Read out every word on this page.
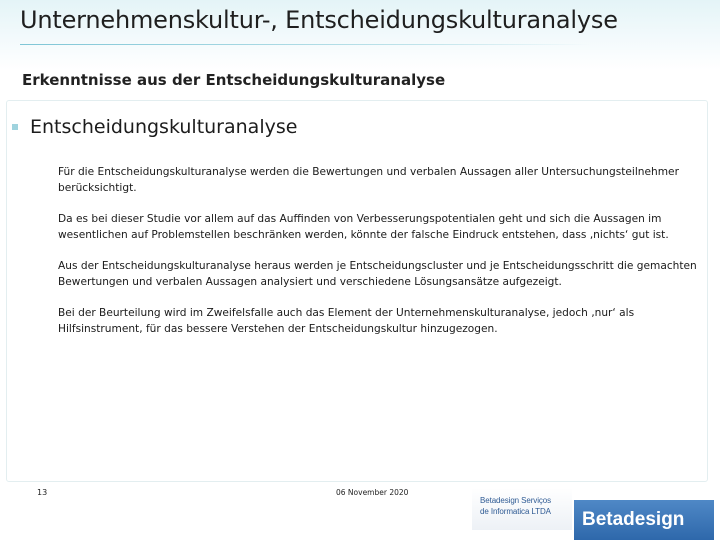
Unternehmenskultur-, Entscheidungskulturanalyse
Erkenntnisse aus der Entscheidungskulturanalyse
Entscheidungskulturanalyse

Für die Entscheidungskulturanalyse werden die Bewertungen und verbalen Aussagen aller Untersuchungsteilnehmer berücksichtigt.

Da es bei dieser Studie vor allem auf das Auffinden von Verbesserungspotentialen geht und sich die Aussagen im wesentlichen auf Problemstellen beschränken werden, könnte der falsche Eindruck entstehen, dass ‚nichts‘ gut ist.

Aus der Entscheidungskulturanalyse heraus werden je Entscheidungscluster und je Entscheidungsschritt die gemachten Bewertungen und verbalen Aussagen analysiert und verschiedene Lösungsansätze aufgezeigt.

Bei der Beurteilung wird im Zweifelsfalle auch das Element der Unternehmenskulturanalyse, jedoch ‚nur‘ als Hilfsinstrument, für das bessere Verstehen der Entscheidungskultur hinzugezogen.

13	06 November 2020
Betadesign Serviços
de Informatica LTDA Betadesign
